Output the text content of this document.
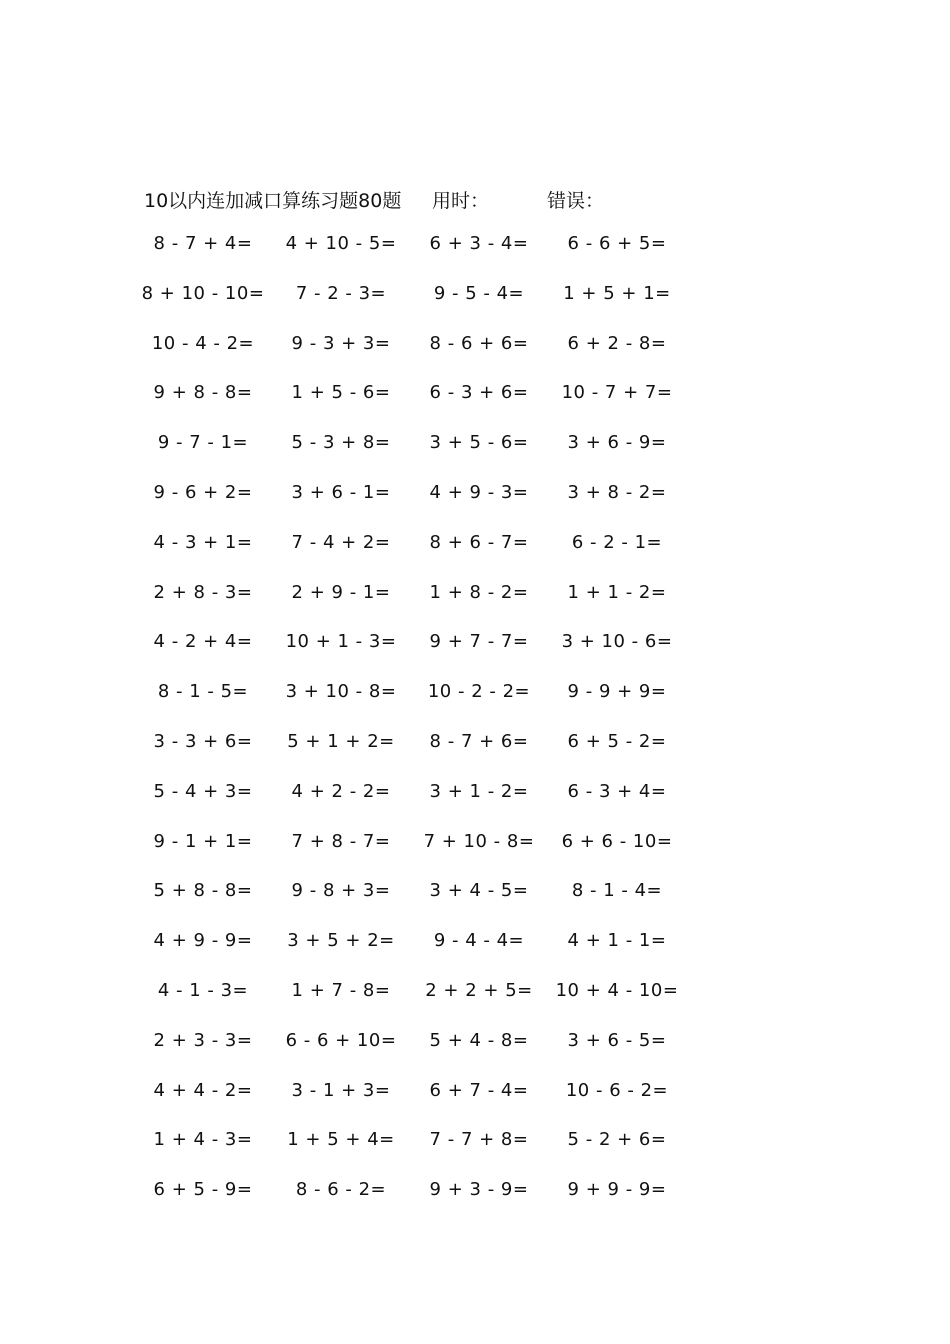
10以内连加减口算练习题80题 用时：	错误：
8 - 7 + 4=	4 + 10 - 5=	6 + 3 - 4=	6 - 6 + 5=
8 + 10 - 10=	7 - 2 - 3=	9 - 5 - 4=	1 + 5 + 1=
10 - 4 - 2=	9 - 3 + 3=	8 - 6 + 6=	6 + 2 - 8=
9 + 8 - 8=	1 + 5 - 6=	6 - 3 + 6=	10 - 7 + 7=
9 - 7 - 1=	5 - 3 + 8=	3 + 5 - 6=	3 + 6 - 9=
9 - 6 + 2=	3 + 6 - 1=	4 + 9 - 3=	3 + 8 - 2=
4 - 3 + 1=	7 - 4 + 2=	8 + 6 - 7=	6 - 2 - 1=
2 + 8 - 3=	2 + 9 - 1=	1 + 8 - 2=	1 + 1 - 2=
4 - 2 + 4=	10 + 1 - 3=	9 + 7 - 7=	3 + 10 - 6=
8 - 1 - 5=	3 + 10 - 8=	10 - 2 - 2=	9 - 9 + 9=
3 - 3 + 6=	5 + 1 + 2=	8 - 7 + 6=	6 + 5 - 2=
5 - 4 + 3=	4 + 2 - 2=	3 + 1 - 2=	6 - 3 + 4=
9 - 1 + 1=	7 + 8 - 7=	7 + 10 - 8=	6 + 6 - 10=
5 + 8 - 8=	9 - 8 + 3=	3 + 4 - 5=	8 - 1 - 4=
4 + 9 - 9=	3 + 5 + 2=	9 - 4 - 4=	4 + 1 - 1=
4 - 1 - 3=	1 + 7 - 8=	2 + 2 + 5=	10 + 4 - 10=
2 + 3 - 3=	6 - 6 + 10=	5 + 4 - 8=	3 + 6 - 5=
4 + 4 - 2=	3 - 1 + 3=	6 + 7 - 4=	10 - 6 - 2=
1 + 4 - 3=	1 + 5 + 4=	7 - 7 + 8=	5 - 2 + 6=
6 + 5 - 9=	8 - 6 - 2=	9 + 3 - 9=	9 + 9 - 9=
